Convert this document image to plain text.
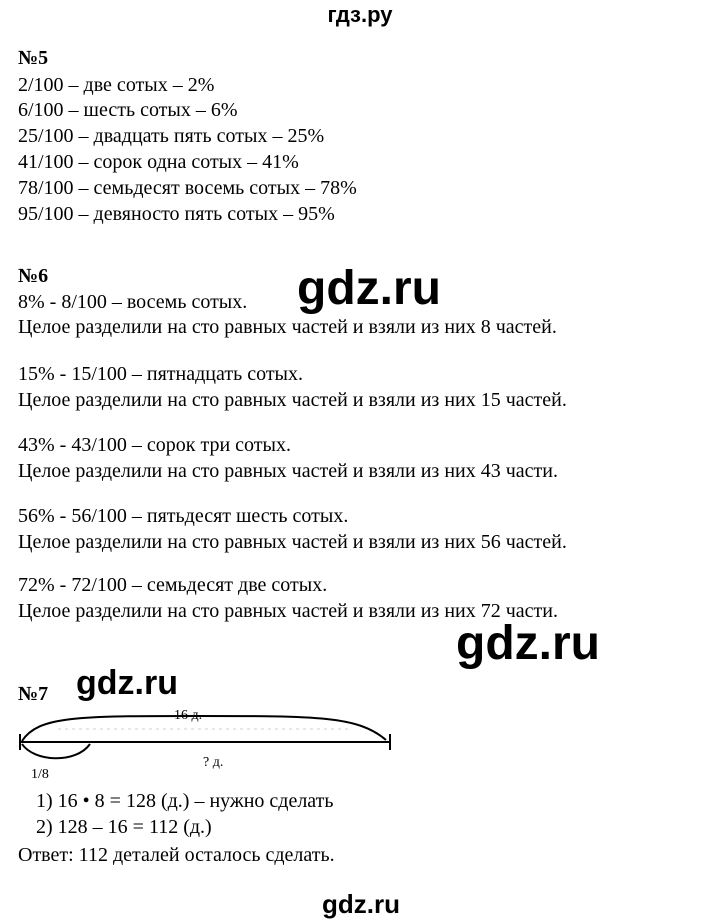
гдз.ру
№5
2/100 – две сотых – 2%
6/100 – шесть сотых – 6%
25/100 – двадцать пять сотых – 25%
41/100 – сорок одна сотых – 41%
78/100 – семьдесят восемь сотых – 78%
95/100 – девяносто пять сотых – 95%
№6
8% - 8/100 – восемь сотых.
Целое разделили на сто равных частей и взяли из них 8 частей.
15% - 15/100 – пятнадцать сотых.
Целое разделили на сто равных частей и взяли из них 15 частей.
43% - 43/100 – сорок три сотых.
Целое разделили на сто равных частей и взяли из них 43 части.
56% - 56/100 – пятьдесят шесть сотых.
Целое разделили на сто равных частей и взяли из них 56 частей.
72% - 72/100 – семьдесят две сотых.
Целое разделили на сто равных частей и взяли из них 72 части.
gdz.ru
gdz.ru
gdz.ru
№7
16 д.
? д.
1/8
1) 16 • 8 = 128 (д.) – нужно сделать
2) 128 – 16 = 112 (д.)
Ответ: 112 деталей осталось сделать.
gdz.ru
